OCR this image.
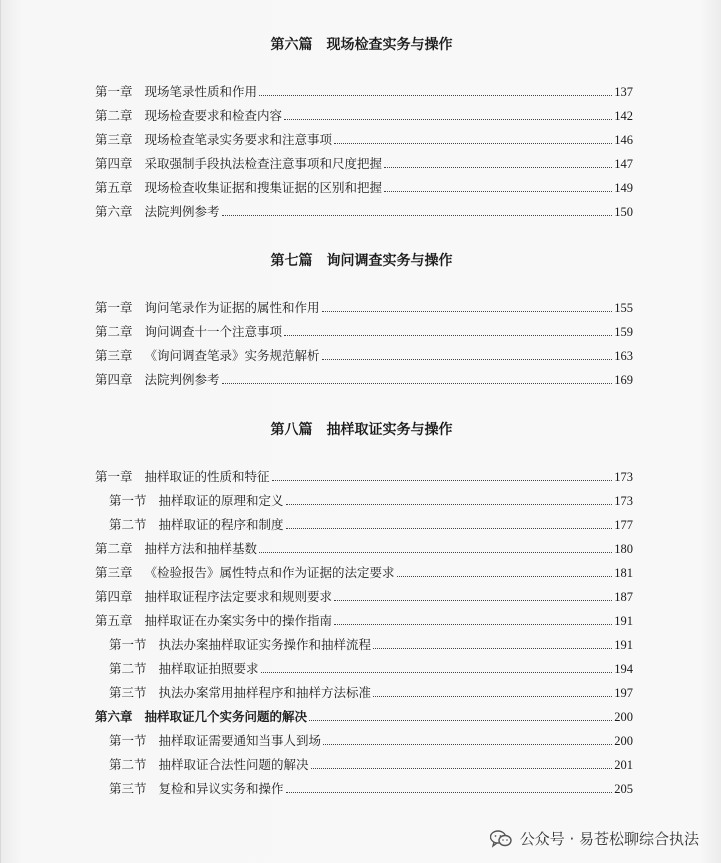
第六篇　现场检查实务与操作
第一章 现场笔录性质和作用	137
第二章 现场检查要求和检查内容	142
第三章 现场检查笔录实务要求和注意事项	146
第四章 采取强制手段执法检查注意事项和尺度把握	147
第五章 现场检查收集证据和搜集证据的区别和把握	149
第六章 法院判例参考	150
第七篇　询问调查实务与操作
第一章 询问笔录作为证据的属性和作用	155
第二章 询问调查十一个注意事项	159
第三章 《询问调查笔录》实务规范解析	163
第四章 法院判例参考	169
第八篇　抽样取证实务与操作
第一章 抽样取证的性质和特征	173
第一节 抽样取证的原理和定义	173
第二节 抽样取证的程序和制度	177
第二章 抽样方法和抽样基数	180
第三章 《检验报告》属性特点和作为证据的法定要求	181
第四章 抽样取证程序法定要求和规则要求	187
第五章 抽样取证在办案实务中的操作指南	191
第一节 执法办案抽样取证实务操作和抽样流程	191
第二节 抽样取证拍照要求	194
第三节 执法办案常用抽样程序和抽样方法标准	197
第六章 抽样取证几个实务问题的解决	200
第一节 抽样取证需要通知当事人到场	200
第二节 抽样取证合法性问题的解决	201
第三节 复检和异议实务和操作	205
公众号 · 易苍松聊综合执法
